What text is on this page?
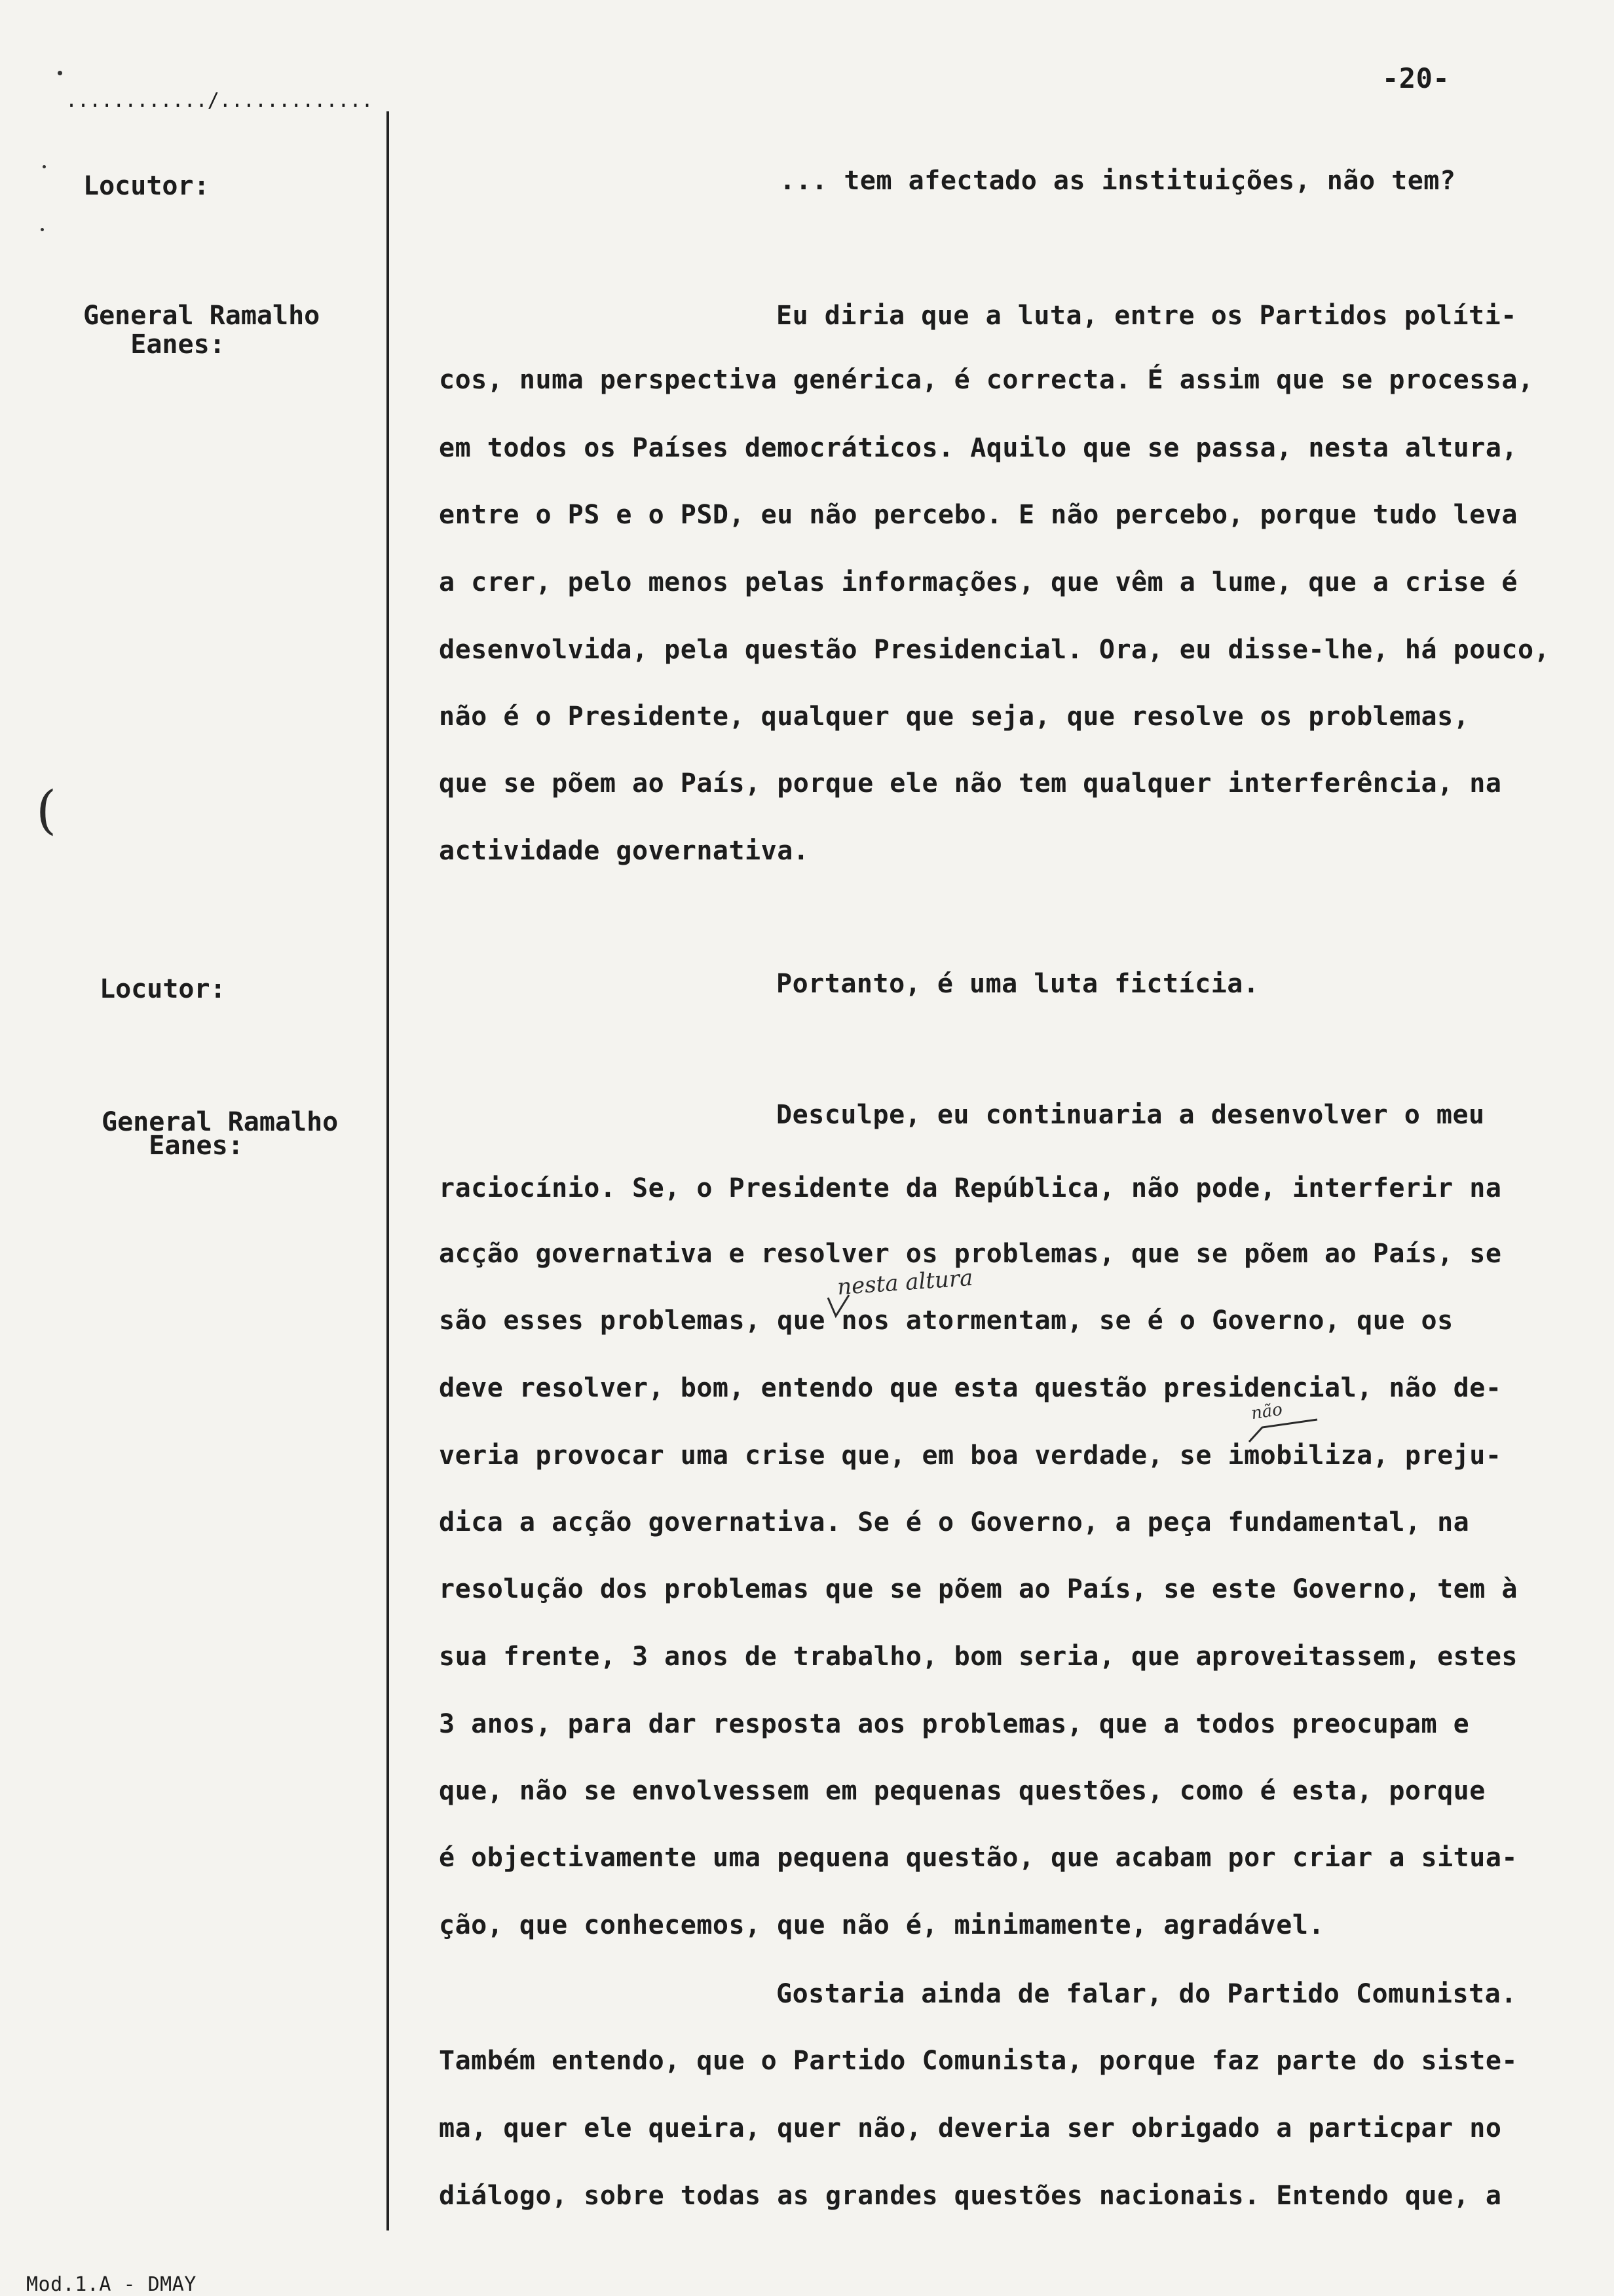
............/.............
-20-
(
Locutor:
General Ramalho
Eanes:
Locutor:
General Ramalho
Eanes:
... tem afectado as instituições, não tem?
Eu diria que a luta, entre os Partidos políti-
cos, numa perspectiva genérica, é correcta. É assim que se processa,
em todos os Países democráticos. Aquilo que se passa, nesta altura,
entre o PS e o PSD, eu não percebo. E não percebo, porque tudo leva
a crer, pelo menos pelas informações, que vêm a lume, que a crise é
desenvolvida, pela questão Presidencial. Ora, eu disse-lhe, há pouco,
não é o Presidente, qualquer que seja, que resolve os problemas,
que se põem ao País, porque ele não tem qualquer interferência, na
actividade governativa.
Portanto, é uma luta fictícia.
Desculpe, eu continuaria a desenvolver o meu
raciocínio. Se, o Presidente da República, não pode, interferir na
acção governativa e resolver os problemas, que se põem ao País, se
são esses problemas, que nos atormentam, se é o Governo, que os
deve resolver, bom, entendo que esta questão presidencial, não de-
veria provocar uma crise que, em boa verdade, se imobiliza, preju-
dica a acção governativa. Se é o Governo, a peça fundamental, na
resolução dos problemas que se põem ao País, se este Governo, tem à
sua frente, 3 anos de trabalho, bom seria, que aproveitassem, estes
3 anos, para dar resposta aos problemas, que a todos preocupam e
que, não se envolvessem em pequenas questões, como é esta, porque
é objectivamente uma pequena questão, que acabam por criar a situa-
ção, que conhecemos, que não é, minimamente, agradável.
Gostaria ainda de falar, do Partido Comunista.
Também entendo, que o Partido Comunista, porque faz parte do siste-
ma, quer ele queira, quer não, deveria ser obrigado a particpar no
diálogo, sobre todas as grandes questões nacionais. Entendo que, a
nesta altura
não
Mod.1.A - DMAY
